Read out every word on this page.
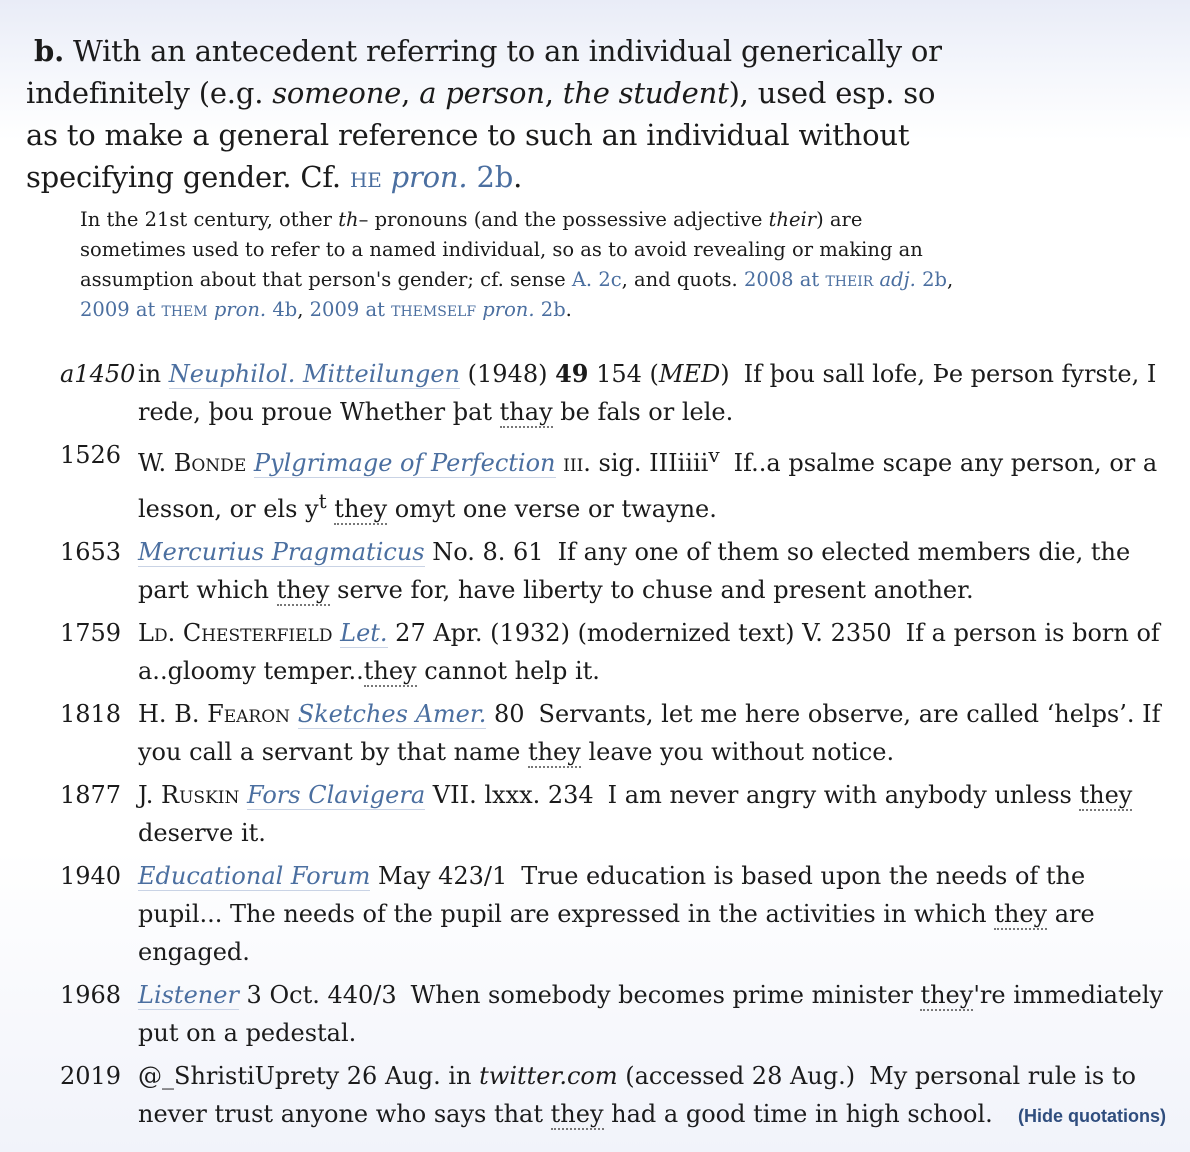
b. With an antecedent referring to an individual generically or indefinitely (e.g. someone, a person, the student), used esp. so as to make a general reference to such an individual without specifying gender. Cf. he pron. 2b.
In the 21st century, other th– pronouns (and the possessive adjective their) are sometimes used to refer to a named individual, so as to avoid revealing or making an assumption about that person's gender; cf. sense A. 2c, and quots. 2008 at their adj. 2b, 2009 at them pron. 4b, 2009 at themself pron. 2b.
a1450 in Neuphilol. Mitteilungen (1948) 49 154 (MED) If þou sall lofe, Þe person fyrste, I rede, þou proue Whether þat thay be fals or lele.
1526 W. Bonde Pylgrimage of Perfection iii. sig. IIIiiii$^v$ If..a psalme scape any person, or a lesson, or els $y^t$ they omyt one verse or twayne.
1653 Mercurius Pragmaticus No. 8. 61 If any one of them so elected members die, the part which they serve for, have liberty to chuse and present another.
1759 Ld. Chesterfield Let. 27 Apr. (1932) (modernized text) V. 2350 If a person is born of a..gloomy temper..they cannot help it.
1818 H. B. Fearon Sketches Amer. 80 Servants, let me here observe, are called ‘helps’. If you call a servant by that name they leave you without notice.
1877 J. Ruskin Fors Clavigera VII. lxxx. 234 I am never angry with anybody unless they deserve it.
1940 Educational Forum May 423/1 True education is based upon the needs of the pupil... The needs of the pupil are expressed in the activities in which they are engaged.
1968 Listener 3 Oct. 440/3 When somebody becomes prime minister they're immediately put on a pedestal.
2019 @_ShristiUprety 26 Aug. in twitter.com (accessed 28 Aug.) My personal rule is to never trust anyone who says that they had a good time in high school.	(Hide quotations)
